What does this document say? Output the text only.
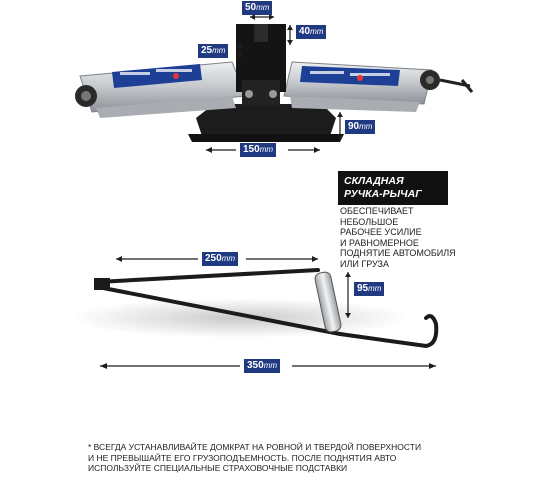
50mm
40mm
25mm
90mm
150mm
250mm
95mm
350mm
СКЛАДНАЯ
РУЧКА-РЫЧАГ
ОБЕСПЕЧИВАЕТ
НЕБОЛЬШОЕ
РАБОЧЕЕ УСИЛИЕ
И РАВНОМЕРНОЕ
ПОДНЯТИЕ АВТОМОБИЛЯ
ИЛИ ГРУЗА
* ВСЕГДА УСТАНАВЛИВАЙТЕ ДОМКРАТ НА РОВНОЙ И ТВЕРДОЙ ПОВЕРХНОСТИ
И НЕ ПРЕВЫШАЙТЕ ЕГО ГРУЗОПОДЪЕМНОСТЬ. ПОСЛЕ ПОДНЯТИЯ АВТО
ИСПОЛЬЗУЙТЕ СПЕЦИАЛЬНЫЕ СТРАХОВОЧНЫЕ ПОДСТАВКИ
